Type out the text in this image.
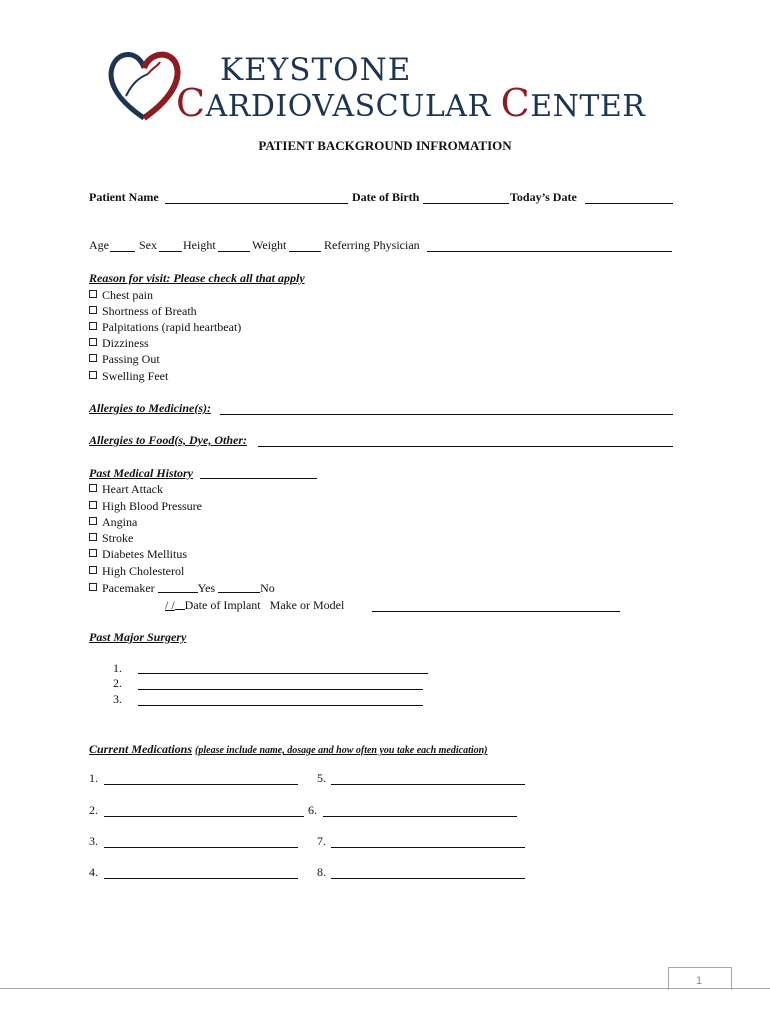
KEYSTONE
CARDIOVASCULAR CENTER
PATIENT BACKGROUND INFROMATION
Patient Name	Date of Birth	Today’s Date
Age	Sex Height	Weight	Referring Physician
Reason for visit: Please check all that apply
Chest pain
Shortness of Breath
Palpitations (rapid heartbeat)
Dizziness
Passing Out
Swelling Feet
Allergies to Medicine(s):
Allergies to Food(s, Dye, Other:
Past Medical History
Heart Attack
High Blood Pressure
Angina
Stroke
Diabetes Mellitus
High Cholesterol
Pacemaker	Yes	No
/ / Date of Implant Make or Model
Past Major Surgery
1.
2.
3.
Current Medications (please include name, dosage and how often you take each medication)
1.	5.
2.	6.
3.	7.
4.	8.
1
